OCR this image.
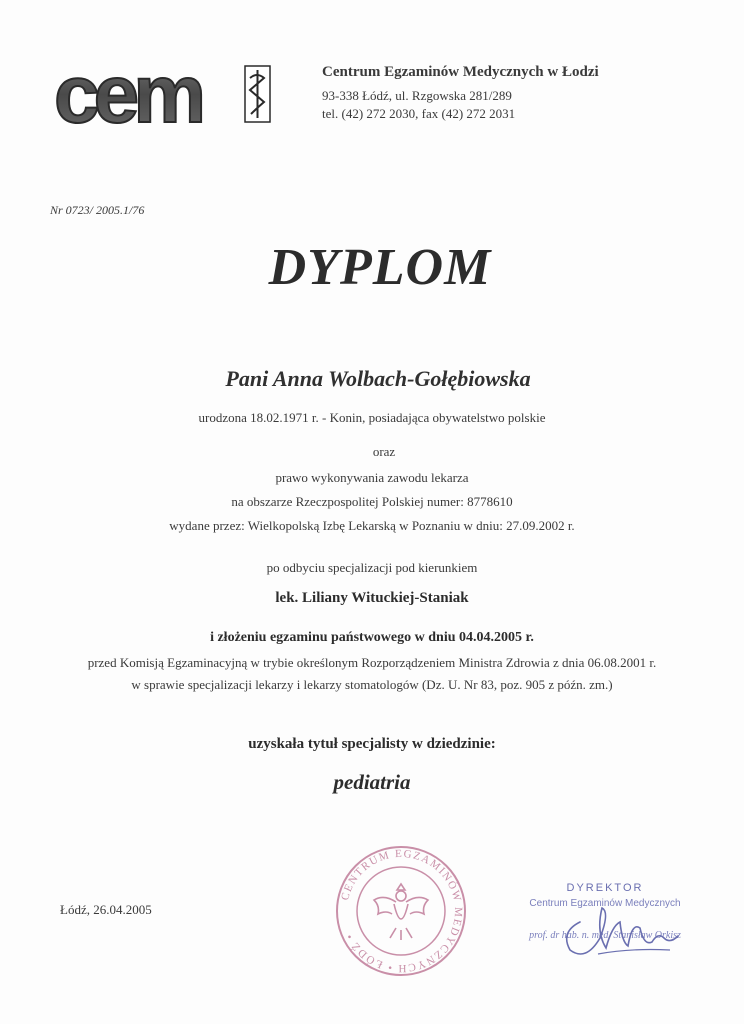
cem	Centrum Egzaminów Medycznych w Łodzi
93-338 Łódź, ul. Rzgowska 281/289
tel. (42) 272 2030, fax (42) 272 2031
Nr 0723/ 2005.1/76
DYPLOM
Pani Anna Wolbach-Gołębiowska
urodzona 18.02.1971 r. - Konin, posiadająca obywatelstwo polskie
oraz
prawo wykonywania zawodu lekarza
na obszarze Rzeczpospolitej Polskiej numer: 8778610
wydane przez: Wielkopolską Izbę Lekarską w Poznaniu w dniu: 27.09.2002 r.
po odbyciu specjalizacji pod kierunkiem
lek. Liliany Wituckiej-Staniak
i złożeniu egzaminu państwowego w dniu 04.04.2005 r.
przed Komisją Egzaminacyjną w trybie określonym Rozporządzeniem Ministra Zdrowia z dnia 06.08.2001 r.
w sprawie specjalizacji lekarzy i lekarzy stomatologów (Dz. U. Nr 83, poz. 905 z późn. zm.)
uzyskała tytuł specjalisty w dziedzinie:
pediatria
Łódź, 26.04.2005
CENTRUM EGZAMINÓW MEDYCZNYCH • ŁÓDŹ •
DYREKTOR
Centrum Egzaminów Medycznych
prof. dr hab. n. med. Stanisław Orkisz
